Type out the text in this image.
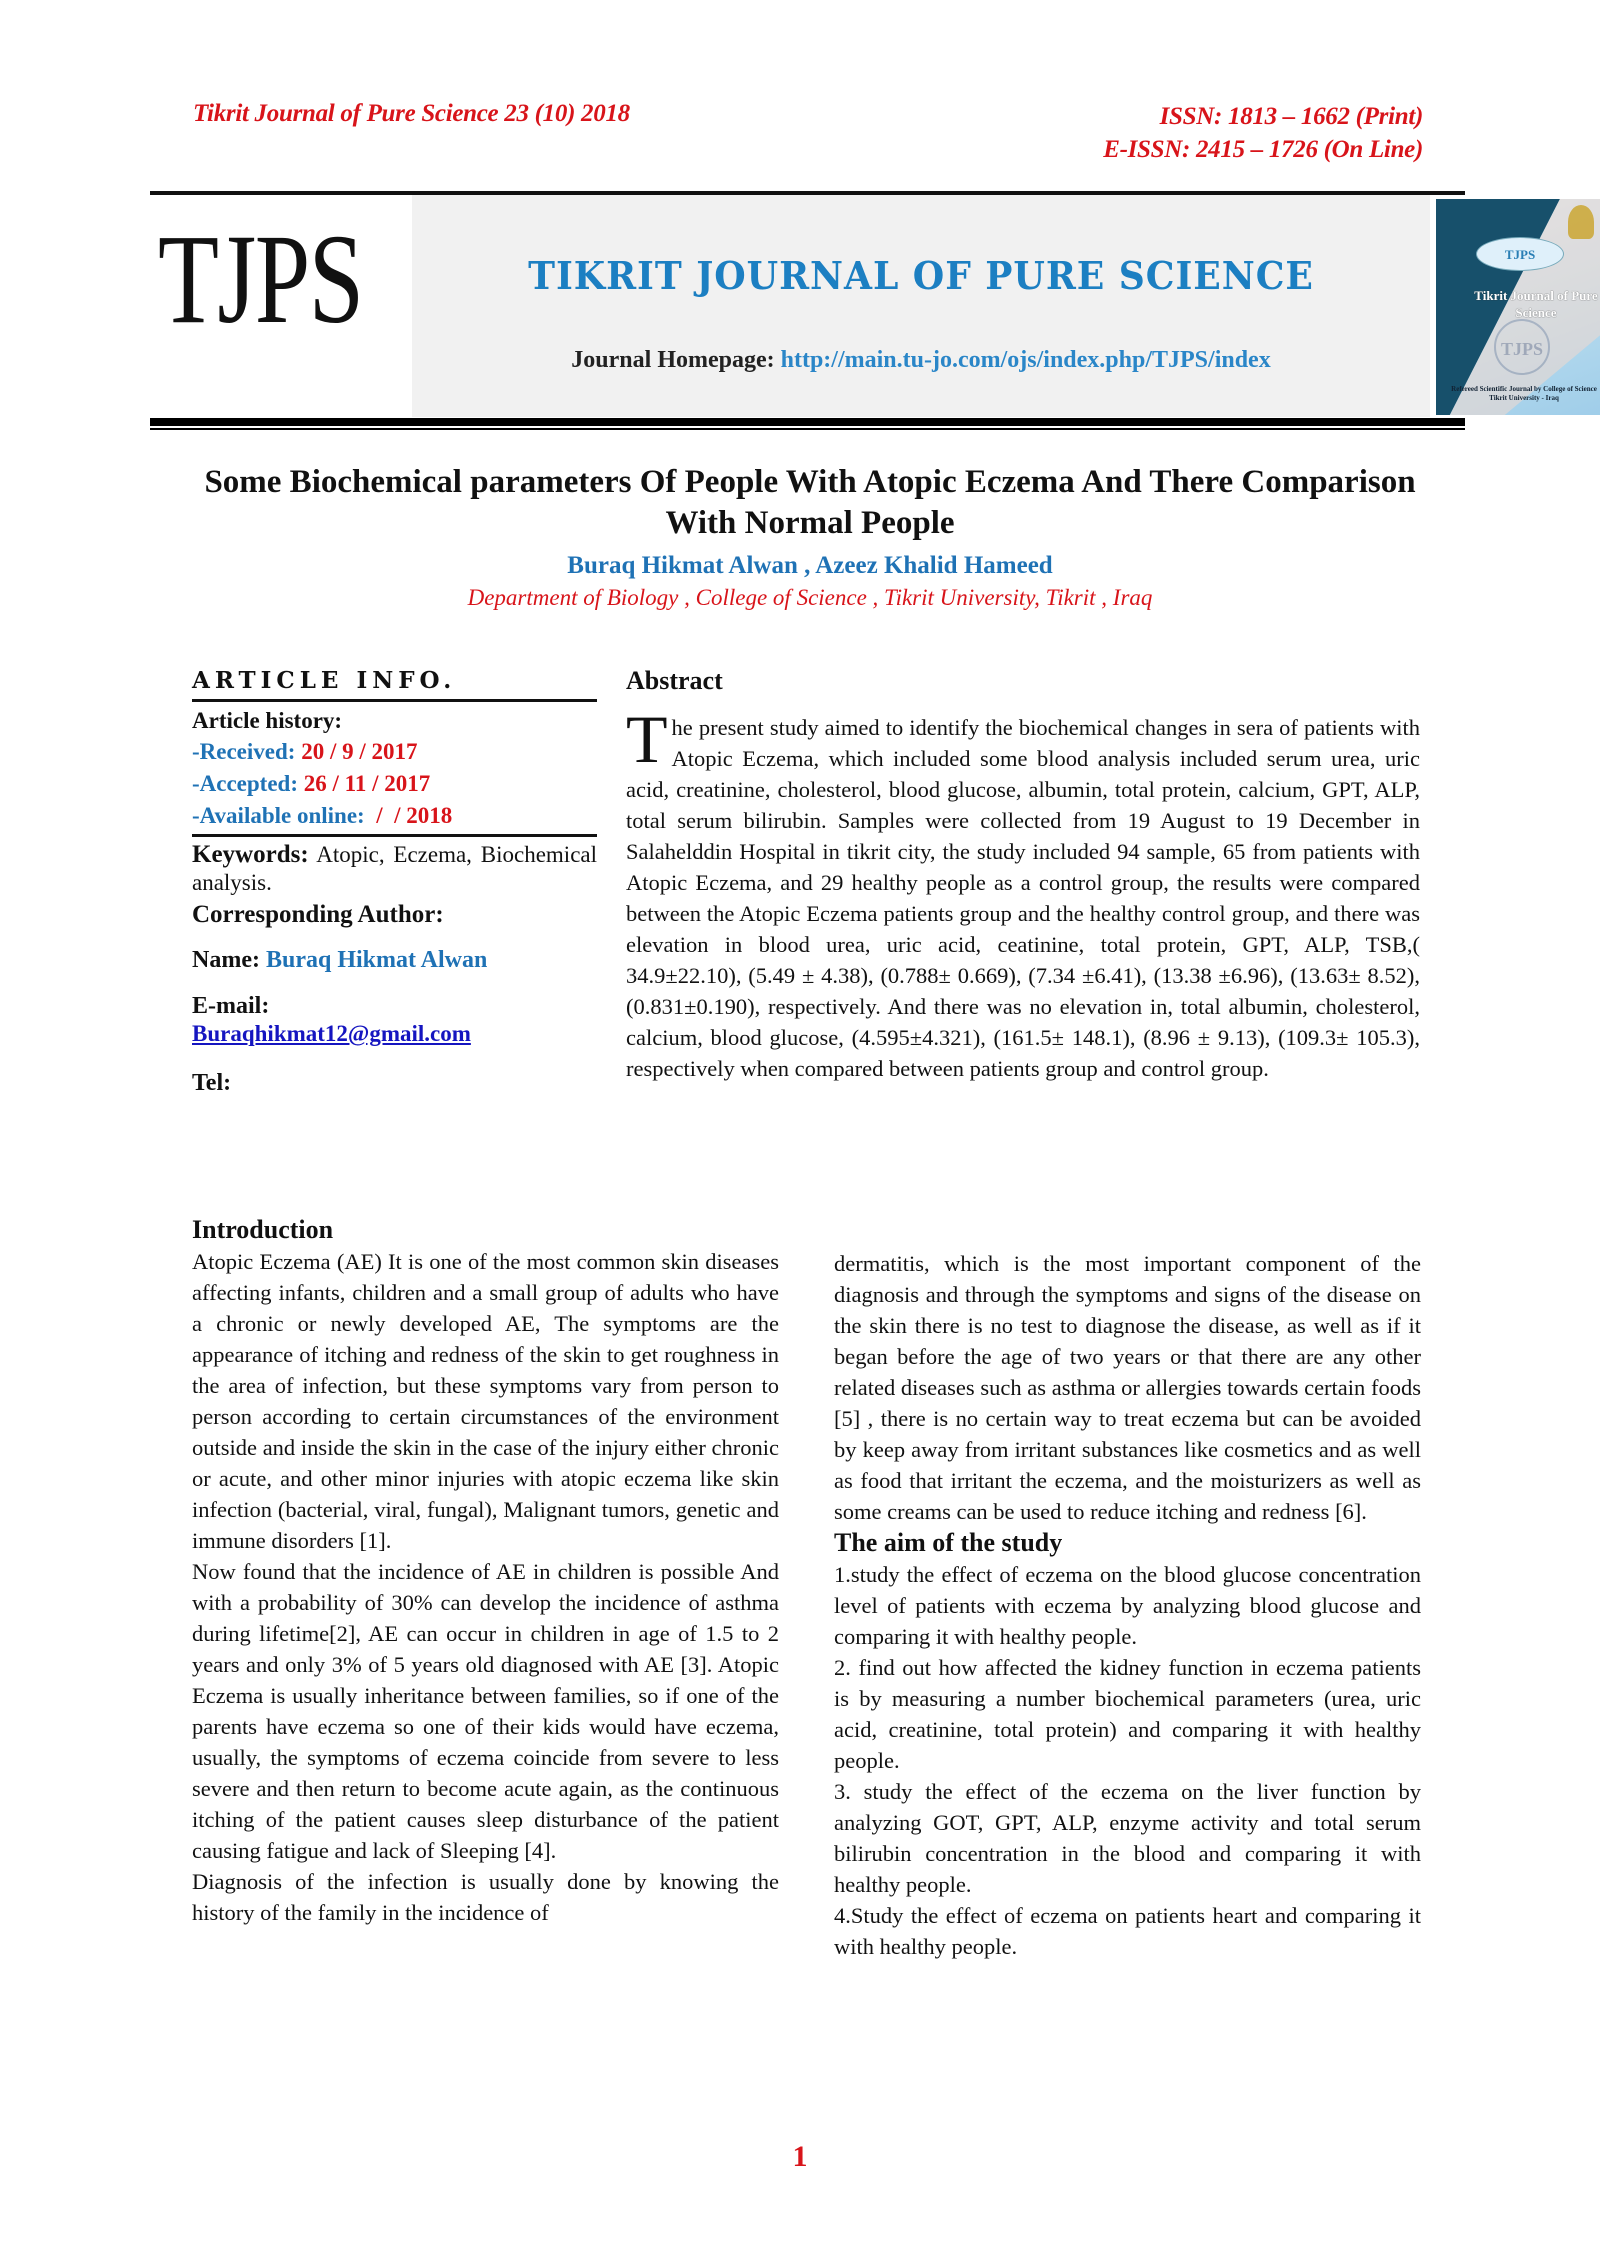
Tikrit Journal of Pure Science 23 (10) 2018	ISSN: 1813 – 1662 (Print)
E-ISSN: 2415 – 1726 (On Line)
TJPS	TIKRIT JOURNAL OF PURE SCIENCE
Journal Homepage: http://main.tu-jo.com/ojs/index.php/TJPS/index
TJPS
Tikrit Journal of Pure Science
TJPS
Refereed Scientific Journal by College of Science Tikrit University - Iraq
Some Biochemical parameters Of People With Atopic Eczema And There Comparison With Normal People
Buraq Hikmat Alwan , Azeez Khalid Hameed
Department of Biology , College of Science , Tikrit University, Tikrit , Iraq
ARTICLE INFO.
Article history:
-Received: 20 / 9 / 2017
-Accepted: 26 / 11 / 2017
-Available online:  /  / 2018
Keywords: Atopic, Eczema, Biochemical analysis.
Corresponding Author:
Name: Buraq Hikmat Alwan
E-mail:
Buraqhikmat12@gmail.com
Tel:
Abstract
The present study aimed to identify the biochemical changes in sera of patients with Atopic Eczema, which included some blood analysis included serum urea, uric acid, creatinine, cholesterol, blood glucose, albumin, total protein, calcium, GPT, ALP, total serum bilirubin. Samples were collected from 19 August to 19 December in Salahelddin Hospital in tikrit city, the study included 94 sample, 65 from patients with Atopic Eczema, and 29 healthy people as a control group, the results were compared between the Atopic Eczema patients group and the healthy control group, and there was elevation in blood urea, uric acid, ceatinine, total protein, GPT, ALP, TSB,( 34.9±22.10), (5.49 ± 4.38), (0.788± 0.669), (7.34 ±6.41), (13.38 ±6.96), (13.63± 8.52), (0.831±0.190), respectively. And there was no elevation in, total albumin, cholesterol, calcium, blood glucose, (4.595±4.321), (161.5± 148.1), (8.96 ± 9.13), (109.3± 105.3), respectively when compared between patients group and control group.
Introduction

Atopic Eczema (AE) It is one of the most common skin diseases affecting infants, children and a small group of adults who have a chronic or newly developed AE, The symptoms are the appearance of itching and redness of the skin to get roughness in the area of infection, but these symptoms vary from person to person according to certain circumstances of the environment outside and inside the skin in the case of the injury either chronic or acute, and other minor injuries with atopic eczema like skin infection (bacterial, viral, fungal), Malignant tumors, genetic and immune disorders [1].

Now found that the incidence of AE in children is possible And with a probability of 30% can develop the incidence of asthma during lifetime[2], AE can occur in children in age of 1.5 to 2 years and only 3% of 5 years old diagnosed with AE [3]. Atopic Eczema is usually inheritance between families, so if one of the parents have eczema so one of their kids would have eczema, usually, the symptoms of eczema coincide from severe to less severe and then return to become acute again, as the continuous itching of the patient causes sleep disturbance of the patient causing fatigue and lack of Sleeping [4].

Diagnosis of the infection is usually done by knowing the history of the family in the incidence of

dermatitis, which is the most important component of the diagnosis and through the symptoms and signs of the disease on the skin there is no test to diagnose the disease, as well as if it began before the age of two years or that there are any other related diseases such as asthma or allergies towards certain foods [5] , there is no certain way to treat eczema but can be avoided by keep away from irritant substances like cosmetics and as well as food that irritant the eczema, and the moisturizers as well as some creams can be used to reduce itching and redness [6].

The aim of the study

1.study the effect of eczema on the blood glucose concentration level of patients with eczema by analyzing blood glucose and comparing it with healthy people.

2. find out how affected the kidney function in eczema patients is by measuring a number biochemical parameters (urea, uric acid, creatinine, total protein) and comparing it with healthy people.

3. study the effect of the eczema on the liver function by analyzing GOT, GPT, ALP, enzyme activity and total serum bilirubin concentration in the blood and comparing it with healthy people.

4.Study the effect of eczema on patients heart and comparing it with healthy people.

1
